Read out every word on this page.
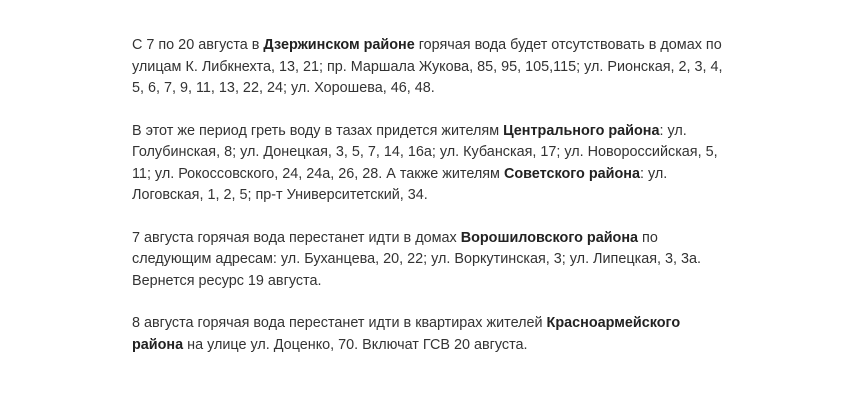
С 7 по 20 августа в Дзержинском районе горячая вода будет отсутствовать в домах по улицам К. Либкнехта, 13, 21; пр. Маршала Жукова, 85, 95, 105,115; ул. Рионская, 2, 3, 4, 5, 6, 7, 9, 11, 13, 22, 24; ул. Хорошева, 46, 48.

В этот же период греть воду в тазах придется жителям Центрального района: ул. Голубинская, 8; ул. Донецкая, 3, 5, 7, 14, 16а; ул. Кубанская, 17; ул. Новороссийская, 5, 11; ул. Рокоссовского, 24, 24а, 26, 28. А также жителям Советского района: ул. Логовская, 1, 2, 5; пр-т Университетский, 34.

7 августа горячая вода перестанет идти в домах Ворошиловского района по следующим адресам: ул. Буханцева, 20, 22; ул. Воркутинская, 3; ул. Липецкая, 3, 3а. Вернется ресурс 19 августа.

8 августа горячая вода перестанет идти в квартирах жителей Красноармейского района на улице ул. Доценко, 70. Включат ГСВ 20 августа.
